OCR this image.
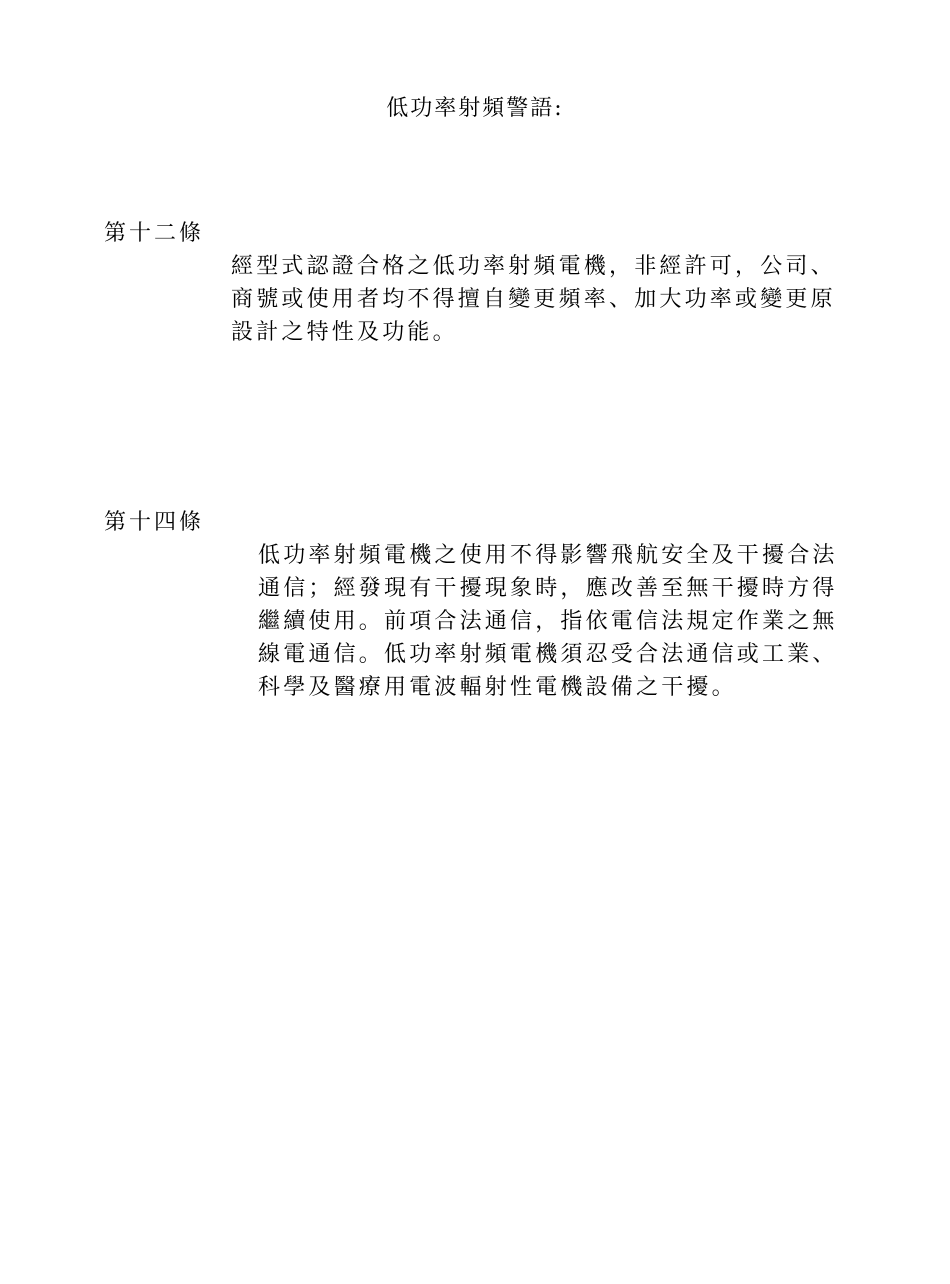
低功率射頻警語:
第十二條
經型式認證合格之低功率射頻電機，非經許可，公司、
商號或使用者均不得擅自變更頻率、加大功率或變更原
設計之特性及功能。
第十四條
低功率射頻電機之使用不得影響飛航安全及干擾合法
通信；經發現有干擾現象時，應改善至無干擾時方得
繼續使用。前項合法通信，指依電信法規定作業之無
線電通信。低功率射頻電機須忍受合法通信或工業、
科學及醫療用電波輻射性電機設備之干擾。
